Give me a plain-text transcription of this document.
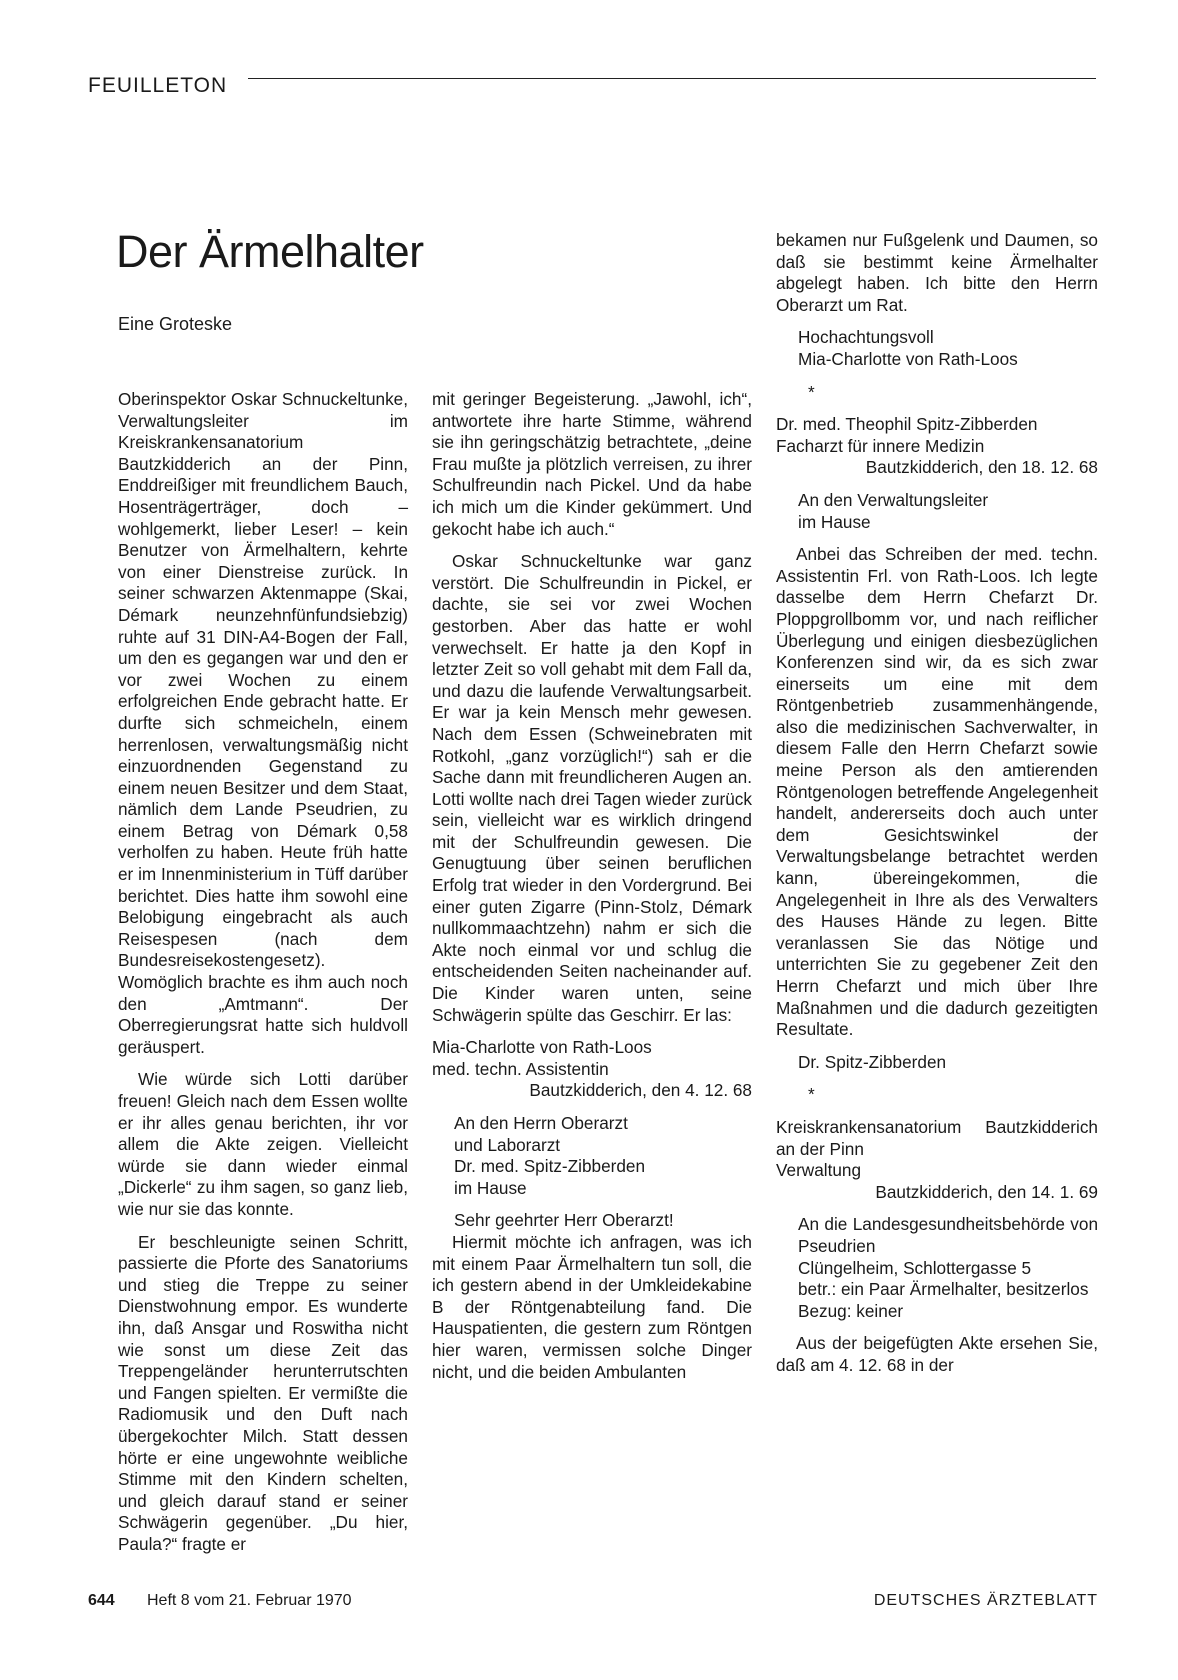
FEUILLETON
Der Ärmelhalter
Eine Groteske

Oberinspektor Oskar Schnuckeltunke, Verwaltungsleiter im Kreiskrankensanatorium Bautzkidderich an der Pinn, Enddreißiger mit freundlichem Bauch, Hosenträgerträger, doch – wohlgemerkt, lieber Leser! – kein Benutzer von Ärmelhaltern, kehrte von einer Dienstreise zurück. In seiner schwarzen Aktenmappe (Skai, Démark neunzehnfünfundsiebzig) ruhte auf 31 DIN-A4-Bogen der Fall, um den es gegangen war und den er vor zwei Wochen zu einem erfolgreichen Ende gebracht hatte. Er durfte sich schmeicheln, einem herrenlosen, verwaltungsmäßig nicht einzuordnenden Gegenstand zu einem neuen Besitzer und dem Staat, nämlich dem Lande Pseudrien, zu einem Betrag von Démark 0,58 verholfen zu haben. Heute früh hatte er im Innenministerium in Tüff darüber berichtet. Dies hatte ihm sowohl eine Belobigung eingebracht als auch Reisespesen (nach dem Bundesreisekostengesetz). Womöglich brachte es ihm auch noch den „Amtmann“. Der Oberregierungsrat hatte sich huldvoll geräuspert.

Wie würde sich Lotti darüber freuen! Gleich nach dem Essen wollte er ihr alles genau berichten, ihr vor allem die Akte zeigen. Vielleicht würde sie dann wieder einmal „Dickerle“ zu ihm sagen, so ganz lieb, wie nur sie das konnte.

Er beschleunigte seinen Schritt, passierte die Pforte des Sanatoriums und stieg die Treppe zu seiner Dienstwohnung empor. Es wunderte ihn, daß Ansgar und Roswitha nicht wie sonst um diese Zeit das Treppengeländer herunterrutschten und Fangen spielten. Er vermißte die Radiomusik und den Duft nach übergekochter Milch. Statt dessen hörte er eine ungewohnte weibliche Stimme mit den Kindern schelten, und gleich darauf stand er seiner Schwägerin gegenüber. „Du hier, Paula?“ fragte er

mit geringer Begeisterung. „Jawohl, ich“, antwortete ihre harte Stimme, während sie ihn geringschätzig betrachtete, „deine Frau mußte ja plötzlich verreisen, zu ihrer Schulfreundin nach Pickel. Und da habe ich mich um die Kinder gekümmert. Und gekocht habe ich auch.“

Oskar Schnuckeltunke war ganz verstört. Die Schulfreundin in Pickel, er dachte, sie sei vor zwei Wochen gestorben. Aber das hatte er wohl verwechselt. Er hatte ja den Kopf in letzter Zeit so voll gehabt mit dem Fall da, und dazu die laufende Verwaltungsarbeit. Er war ja kein Mensch mehr gewesen. Nach dem Essen (Schweinebraten mit Rotkohl, „ganz vorzüglich!“) sah er die Sache dann mit freundlicheren Augen an. Lotti wollte nach drei Tagen wieder zurück sein, vielleicht war es wirklich dringend mit der Schulfreundin gewesen. Die Genugtuung über seinen beruflichen Erfolg trat wieder in den Vordergrund. Bei einer guten Zigarre (Pinn-Stolz, Démark nullkommaachtzehn) nahm er sich die Akte noch einmal vor und schlug die entscheidenden Seiten nacheinander auf. Die Kinder waren unten, seine Schwägerin spülte das Geschirr. Er las:

Mia-Charlotte von Rath-Loos

med. techn. Assistentin

Bautzkidderich, den 4. 12. 68

An den Herrn Oberarzt

und Laborarzt

Dr. med. Spitz-Zibberden

im Hause

Sehr geehrter Herr Oberarzt!

Hiermit möchte ich anfragen, was ich mit einem Paar Ärmelhaltern tun soll, die ich gestern abend in der Umkleidekabine B der Röntgenabteilung fand. Die Hauspatienten, die gestern zum Röntgen hier waren, vermissen solche Dinger nicht, und die beiden Ambulanten

bekamen nur Fußgelenk und Daumen, so daß sie bestimmt keine Ärmelhalter abgelegt haben. Ich bitte den Herrn Oberarzt um Rat.

Hochachtungsvoll

Mia-Charlotte von Rath-Loos

*

Dr. med. Theophil Spitz-Zibberden

Facharzt für innere Medizin

Bautzkidderich, den 18. 12. 68

An den Verwaltungsleiter

im Hause

Anbei das Schreiben der med. techn. Assistentin Frl. von Rath-Loos. Ich legte dasselbe dem Herrn Chefarzt Dr. Ploppgrollbomm vor, und nach reiflicher Überlegung und einigen diesbezüglichen Konferenzen sind wir, da es sich zwar einerseits um eine mit dem Röntgenbetrieb zusammenhängende, also die medizinischen Sachverwalter, in diesem Falle den Herrn Chefarzt sowie meine Person als den amtierenden Röntgenologen betreffende Angelegenheit handelt, andererseits doch auch unter dem Gesichtswinkel der Verwaltungsbelange betrachtet werden kann, übereingekommen, die Angelegenheit in Ihre als des Verwalters des Hauses Hände zu legen. Bitte veranlassen Sie das Nötige und unterrichten Sie zu gegebener Zeit den Herrn Chefarzt und mich über Ihre Maßnahmen und die dadurch gezeitigten Resultate.

Dr. Spitz-Zibberden

*

Kreiskrankensanatorium Bautzkidderich an der Pinn

Verwaltung

Bautzkidderich, den 14. 1. 69

An die Landesgesundheitsbehörde von Pseudrien

Clüngelheim, Schlottergasse 5

betr.: ein Paar Ärmelhalter, besitzerlos

Bezug: keiner

Aus der beigefügten Akte ersehen Sie, daß am 4. 12. 68 in der

644 Heft 8 vom 21. Februar 1970	DEUTSCHES ÄRZTEBLATT
